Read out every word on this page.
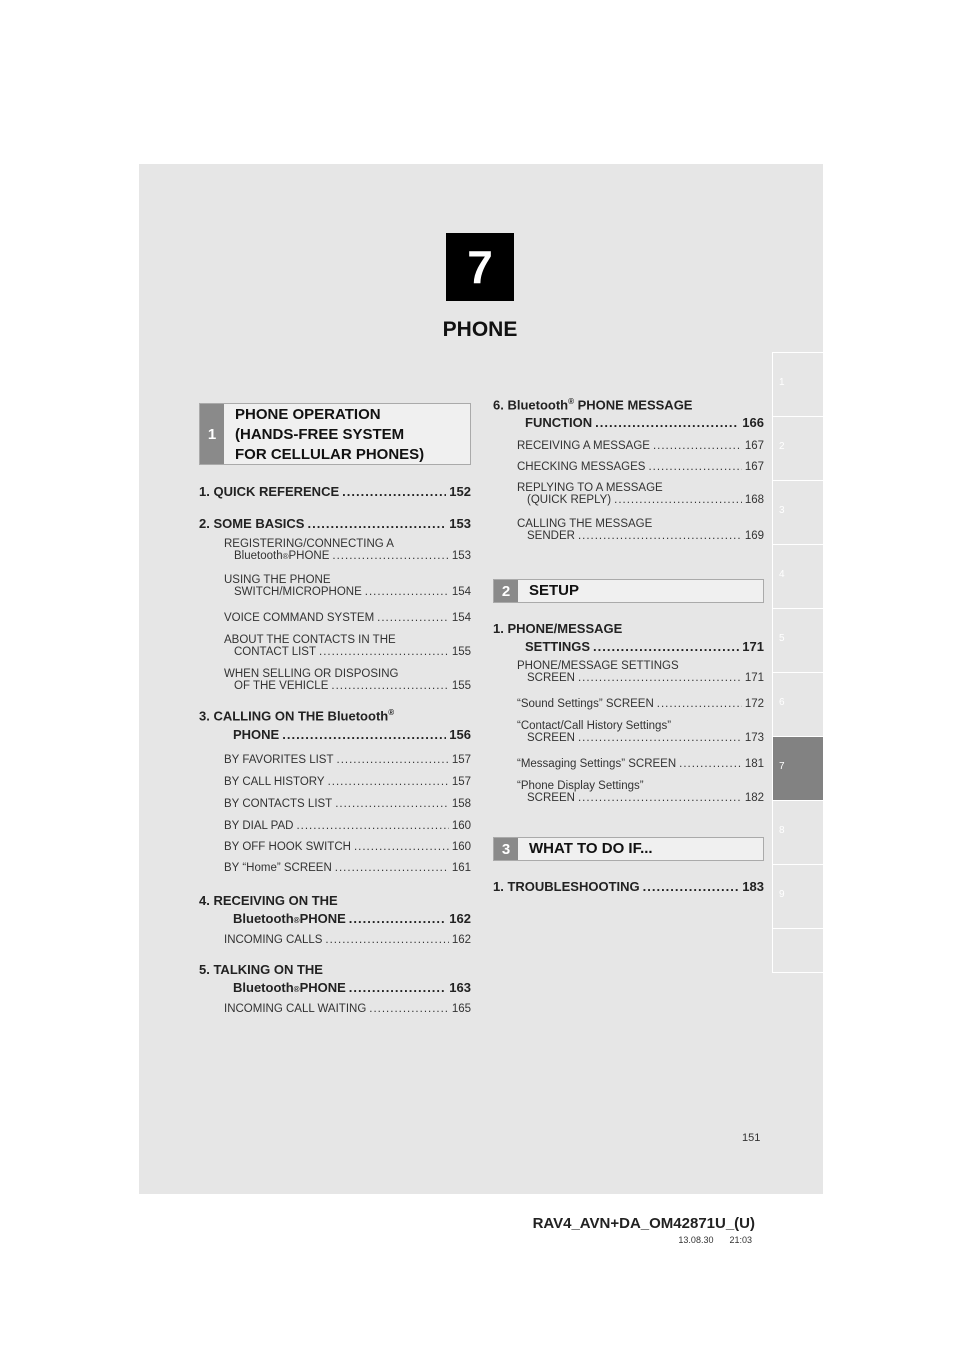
7
PHONE
1
2
3
4
5
6
7
8
9
1
PHONE OPERATION
(HANDS-FREE SYSTEM
FOR CELLULAR PHONES)
1. QUICK REFERENCE .....	152
2. SOME BASICS .....	153
REGISTERING/CONNECTING A
Bluetooth ® PHONE .....	153
USING THE PHONE
SWITCH/MICROPHONE .....	154
VOICE COMMAND SYSTEM .....	154
ABOUT THE CONTACTS IN THE
CONTACT LIST .....	155
WHEN SELLING OR DISPOSING
OF THE VEHICLE .....	155
3. CALLING ON THE Bluetooth®
PHONE .....	156
BY FAVORITES LIST .....	157
BY CALL HISTORY .....	157
BY CONTACTS LIST .....	158
BY DIAL PAD .....	160
BY OFF HOOK SWITCH .....	160
BY “Home” SCREEN .....	161
4. RECEIVING ON THE
Bluetooth ® PHONE .....	162
INCOMING CALLS .....	162
5. TALKING ON THE
Bluetooth ® PHONE .....	163
INCOMING CALL WAITING .....	165
6. Bluetooth® PHONE MESSAGE
FUNCTION .....	166
RECEIVING A MESSAGE .....	167
CHECKING MESSAGES .....	167
REPLYING TO A MESSAGE
(QUICK REPLY) .....	168
CALLING THE MESSAGE
SENDER .....	169
2	SETUP
1. PHONE/MESSAGE
SETTINGS .....	171
PHONE/MESSAGE SETTINGS
SCREEN .....	171
“Sound Settings” SCREEN .....	172
“Contact/Call History Settings”
SCREEN .....	173
“Messaging Settings” SCREEN .....	181
“Phone Display Settings”
SCREEN .....	182
3	WHAT TO DO IF...
1. TROUBLESHOOTING .....	183
151
RAV4_AVN+DA_OM42871U_(U)
13.08.30 21:03
